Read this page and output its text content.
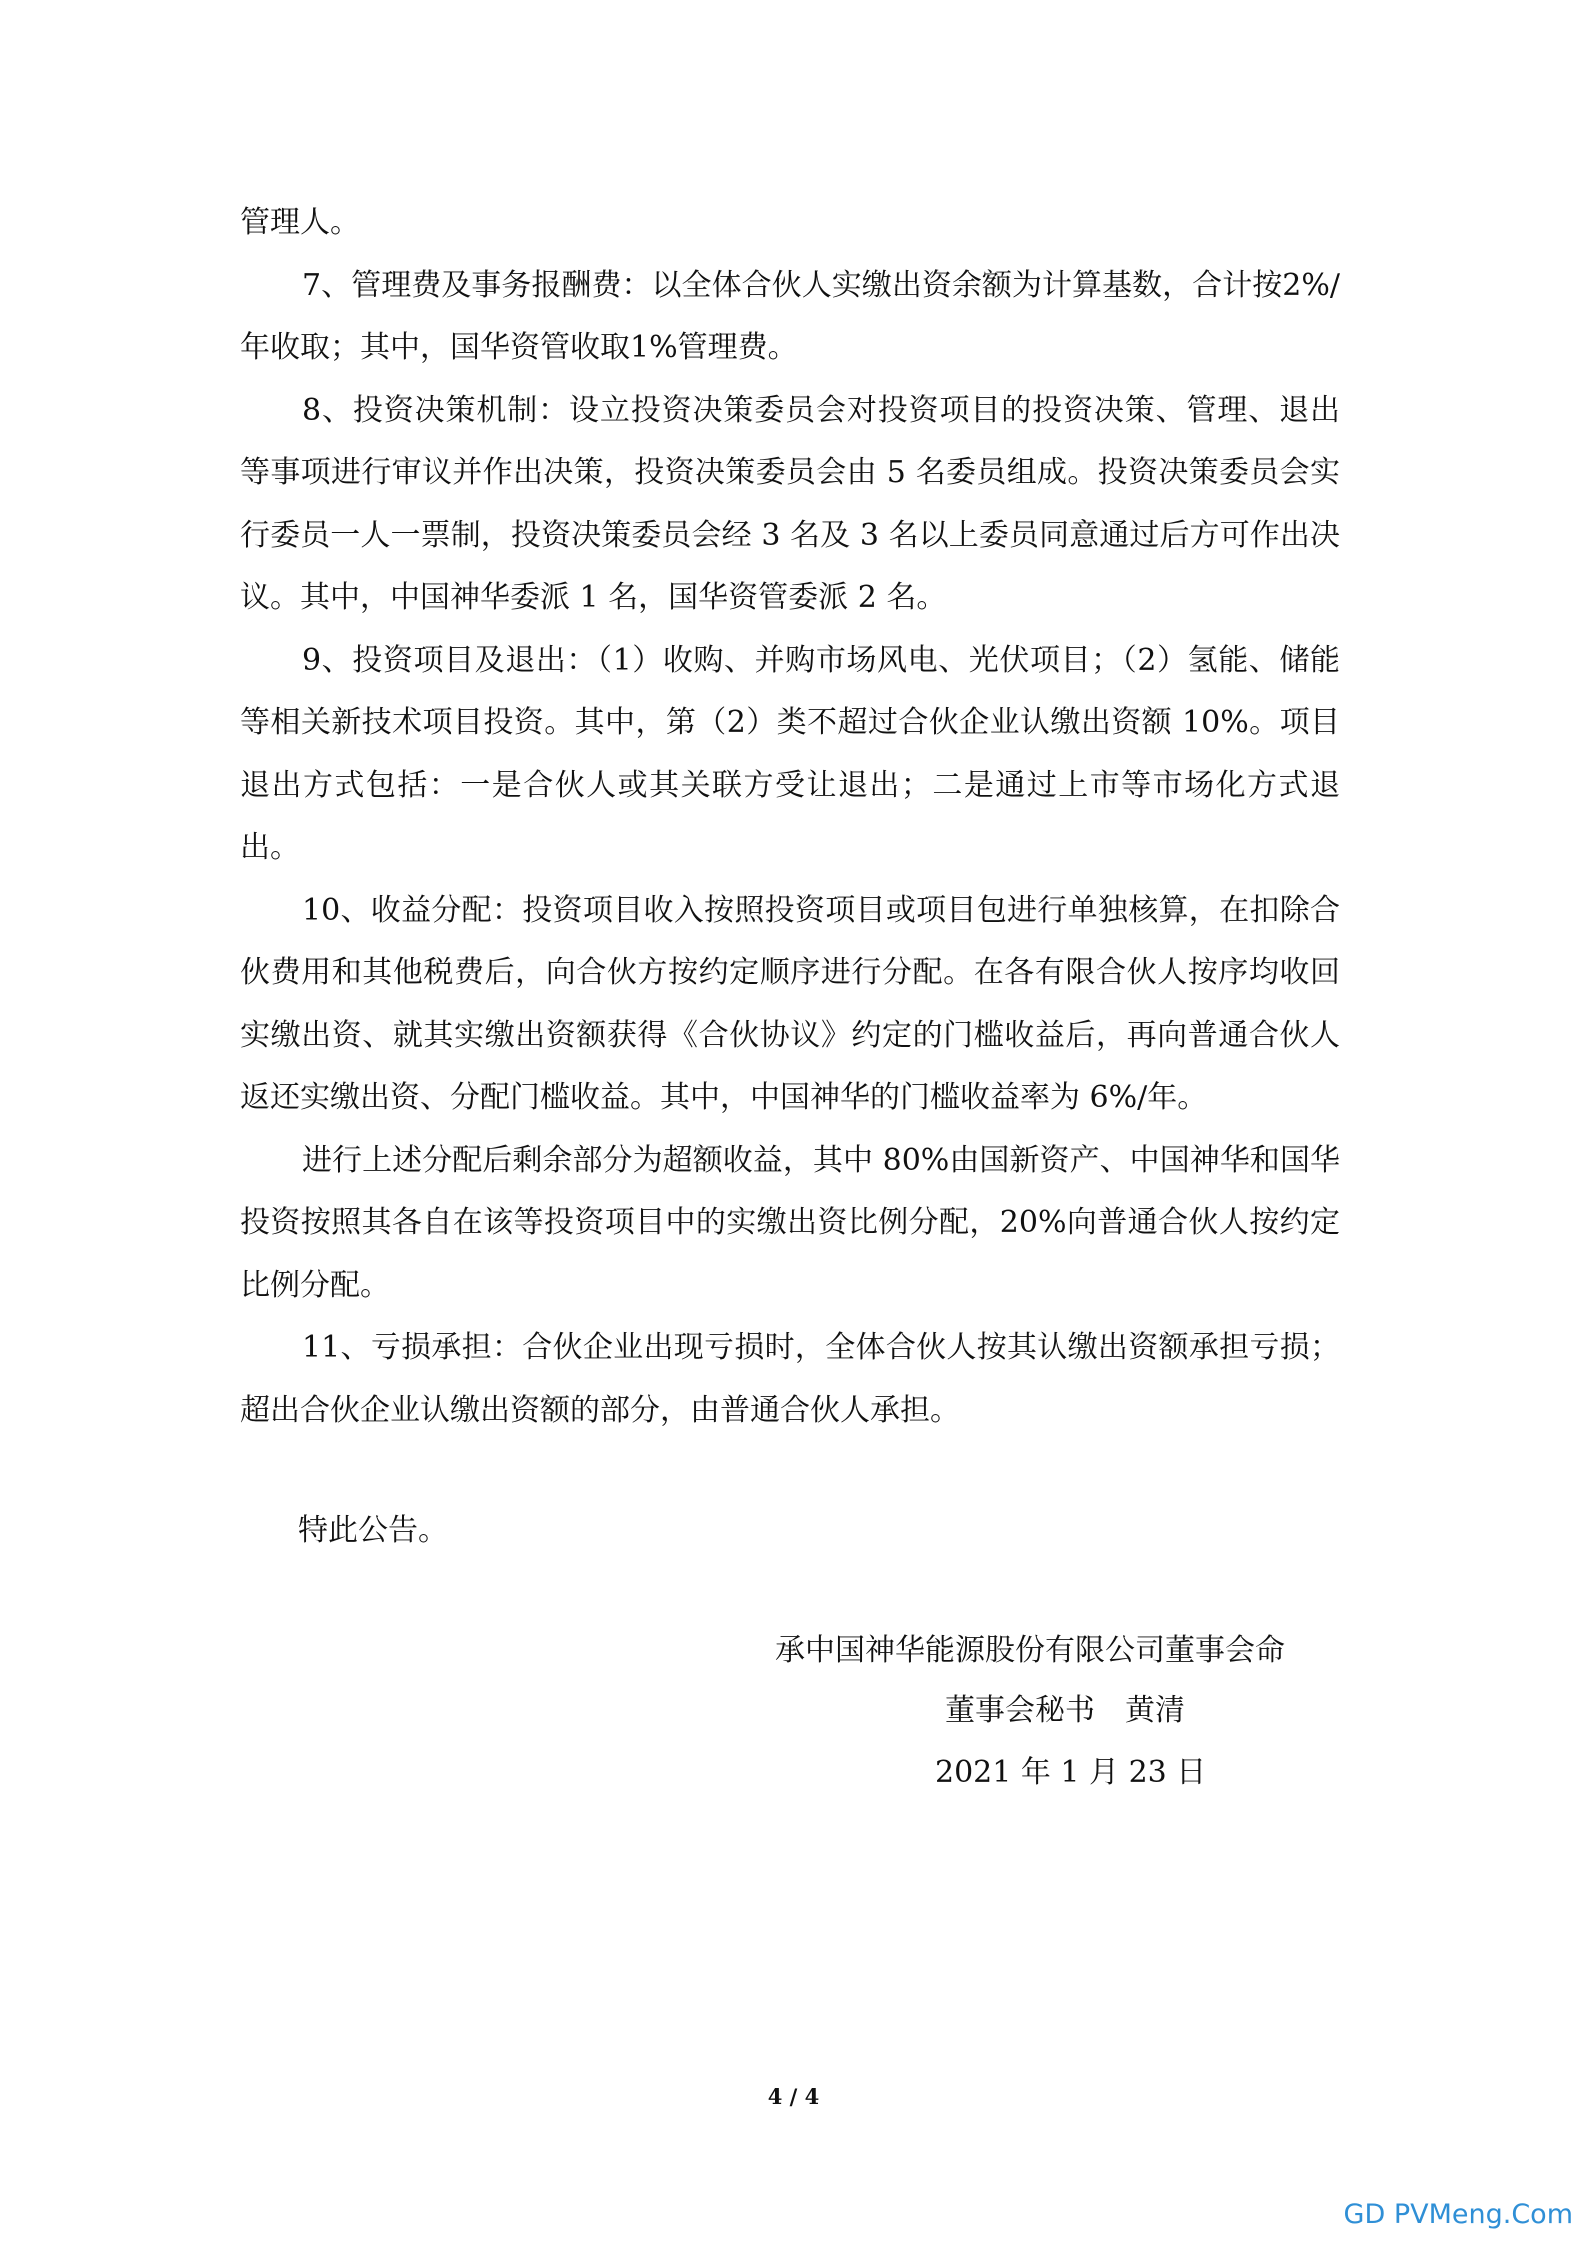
管理人。

7、管理费及事务报酬费：以全体合伙人实缴出资余额为计算基数，合计按2%/年收取；其中，国华资管收取1%管理费。

8、投资决策机制：设立投资决策委员会对投资项目的投资决策、管理、退出等事项进行审议并作出决策，投资决策委员会由 5 名委员组成。投资决策委员会实行委员一人一票制，投资决策委员会经 3 名及 3 名以上委员同意通过后方可作出决议。其中，中国神华委派 1 名，国华资管委派 2 名。

9、投资项目及退出：（1）收购、并购市场风电、光伏项目；（2）氢能、储能等相关新技术项目投资。其中，第（2）类不超过合伙企业认缴出资额 10%。项目退出方式包括：一是合伙人或其关联方受让退出；二是通过上市等市场化方式退出。

10、收益分配：投资项目收入按照投资项目或项目包进行单独核算，在扣除合伙费用和其他税费后，向合伙方按约定顺序进行分配。在各有限合伙人按序均收回实缴出资、就其实缴出资额获得《合伙协议》约定的门槛收益后，再向普通合伙人返还实缴出资、分配门槛收益。其中，中国神华的门槛收益率为 6%/年。

进行上述分配后剩余部分为超额收益，其中 80%由国新资产、中国神华和国华投资按照其各自在该等投资项目中的实缴出资比例分配，20%向普通合伙人按约定比例分配。

11、亏损承担：合伙企业出现亏损时，全体合伙人按其认缴出资额承担亏损；超出合伙企业认缴出资额的部分，由普通合伙人承担。

特此公告。

承中国神华能源股份有限公司董事会命

董事会秘书　黄清

2021 年 1 月 23 日

4 / 4

GD PVMeng.Com
